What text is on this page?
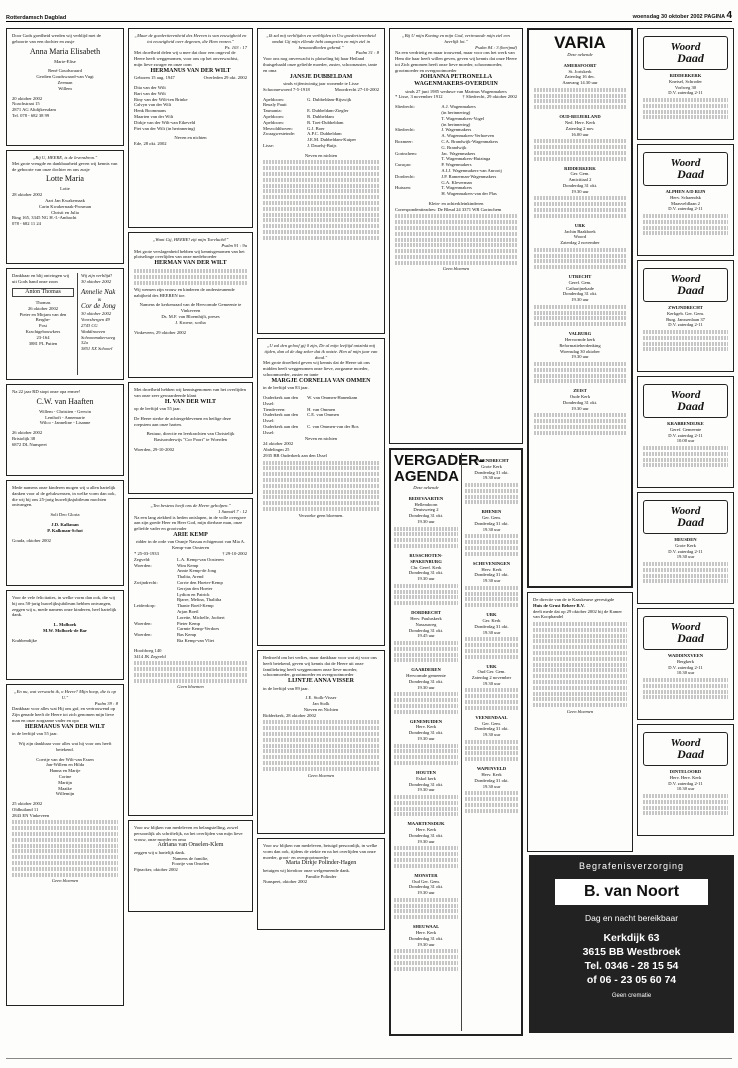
Rotterdamsch Dagblad	woensdag 30 oktober 2002 PAGINA 4
Door Gods goedheid werden wij verblijd met de geboorte van een dochter en zusje
Anna Maria Elisabeth
Marie-Elise
René Goudswaard
Gerdien Goudswaard-van Vugt
Zeeman
Willem
20 oktober 2002
Noachstraat 15
2871 AG Altdijkersdam
Tel. 078 - 682 38 99
„Bij U, HEERE, is de levensbron."
Met grote vreugde en dankbaarheid geven wij kennis van de geboorte van onze dochter en ons zusje
Lotte Maria
Lotte
28 oktober 2002
Aart Jan Kwakernaak
Carin Kwakernaak-Prosman
Christi en Julia
Ring 165, 3345 NG H.-I.-Ambacht
078 - 682 11 24
Dankbaar en blij ontvingen wij uit Gods hand onze zoon
Anton Thomas
Thomas
26 oktober 2002
Pieter en Mirjam van den Berghe-
Post
Krachtgebouwkers
23-164
3881 PL Putten
Wij zijn verblijd!
30 oktober 2002
Annelie Nak
&
Cor de Jong
30 oktober 2002
Voorsbergen 49
2743 CG Waddinxveen
Schoonmakersweg 32a
3851 XX Schoorl
Na 22 jaar RD stopt onze opa ermee!
C.W. van Haaften
Willem - Christien - Gerwin
Lenthoft - Annemarie
Wilco - Janneline - Lisanne
26 oktober 2002
Bristolijk 38
6872 DL Nunspeet
Mede namens onze kinderen mogen wij u allen hartelijk danken voor al de gelukwensen, in welke vorm dan ook, die wij bij ons 25-jarig huwelijksjubileum mochten ontvangen.
Soli Deo Gloria
J.D. Kalkman
P. Kalkman-Schot
Gouda, oktober 2002
Voor de vele felicitaties, in welke vorm dan ook, die wij bij ons 50-jarig huwelijksjubileum hebben ontvangen, zeggen wij u, mede namens onze kinderen, heel hartelijk dank.
L. Molhoek
M.W. Molhoek-de Bar
Krabbendijke
„En nu, wat verwacht ik, o Heere? Mijn hoop, die is op U."
Psalm 39 : 8
Dankbaar voor alles wat Hij ons gaf, en vertrouwend op Zijn genade heeft de Heere tot zich genomen mijn lieve man en onze zorgzame vader en opa
HERMANUS VAN DER WILT
in de leeftijd van 55 jaar.
Wij zijn dankbaar voor alles wat hij voor ons heeft betekend.
Coertje van der Wilt-van Essen
Jan-Willem en Hilda
Hanna en Marije
Corine
Martijn
Maaike
Willemijn
25 oktober 2002
Oldbuiland 11
2843 EN Vinkeveen
Geen bloemen
„Maar de goedertierenheid des Heeren is van eeuwigheid en tot eeuwigheid over degenen, die Hem vrezen."
Ps. 103 : 17
Met droefheid delen wij u mee dat door een ongeval de Heere heeft weggenomen, voor ons op het onverwachtst, mijn lieve zwager en onze oom
HERMANUS VAN DER WILT
Geboren 15 aug. 1947	Overleden 29 okt. 2002
Dita van der Wilt
Bart van der Wilt
Riny van der Wilt-ten Brinke
Calvyn van der Wilt
Henk Boommans
Maarten van der Wilt
Dirkje van der Wilt-van Eikeveld
Piet van der Wilt (in herinnering)
Neven en nichten
Ede, 28 okt. 2002
„Want Gij, HEERE! zijt mijn Toevlucht!"
Psalm 91 : 9a
Met grote verslagenheid hebben wij kennisgenomen van het plotselinge overlijden van onze medebroeder
HERMAN VAN DER WILT
Wij wensen zijn vrouw en kinderen de ondersteunende nabijheid des HEEREN toe.
Namens de kerkenraad van de Hervormde Gemeente te Vinkeveen
Ds. M.F. van Bloemhijlt, preses
J. Kroese, scriba
Vinkeveen, 29 oktober 2002
Met droefheid hebben wij kennisgenomen van het overlijden van onze zeer gewaardeerde klant
H. VAN DER WILT
op de leeftijd van 55 jaar.
De Heere sterke de achtergeblevenen en heilige deze roepstem aan onze harten.
Bestuur, directie en leerkrachten van Christelijk Basisonderwijs "Cor Poort" te Woerden
Woerden, 29-10-2002
„Ten bestens heeft ons de Heere geholpen."
1 Samuël 7 : 12
Na een lang ziekbed is heden ontslapen, in de volle overgave aan zijn goede Heer en Heer God, mijn dierbare man, onze geliefde vader en grootvader
ARIE KEMP
ridder in de orde van Oranje Nassau echtgenoot van Mia A. Kemp-van Oosteren
* 25-03-1933	† 29-10-2002
Zegveld:	L.A. Kemp-van Oosteren
Woerden:	Wim Kemp
Annie Kemp-de Jong
Thalita, Arend
Zwijndrecht:	Corrie den Hoeter-Kemp
Gerrjan den Hoeter
Lydion en Patrick
Bjarre, Melina, Thalitha
Leiderdorp:	Thanie Boeil-Kemp
Arjan Boeil
Lorette, Michelle, Joobert
Woerden:	Pieter Kemp
Carmie Kemp-Verdoes
Woerden:	Bas Kemp
Ria Kemp-van Vliet
Hoofdweg 140
3414 JK Zegveld
Geen bloemen
Voor uw blijken van medeleven en belangstelling, zowel persoonlijk als schriftelijk, na het overlijden van mijn lieve vrouw, onze moeder en oma
Adriana van Onselen-Klem
zeggen wij u hartelijk dank.
Namens de familie,
Foortje van Onselen
Pijnacker, oktober 2002
„Ik zal mij verblijden en verblijden in Uw goedertierenheid omdat Gij mijn ellende hebt aangezien en mijn ziel in benauwdheden gekend."
Psalm 31 : 8
Voor ons nog onverwacht is plotseling bij haar Heiland thuisgehaald onze geliefde moeder, zuster, schoonzuster, tante en oma
JANSJE DUBBELDAM
sinds vijfentwintig jaar wonende te Lisse
Schoonrewoerd 7-5-1918	Moordrecht 27-10-2002
Apeldoorn:	G. Dubbeldam-Rijswijk
Beuzly Pautt
Tasmania:	E. Dubbeldam-Ziegler
Apeldoorn:	R. Dubbeldam
Apeldoorn:	R. Toet-Dubbeldam
Mesvoldthoven:	G.J. Boer
Zwaagwesteinde:	A.P.C. Dubbeldam
J.E.M. Dubbeldam-Kuiper
Lisse:	J. Dauelsj-Buijs
Neven en nichten
„U zal den geloof gij 0 zijn, De al mijn leeftijd ontzinkt mij tijden, dan al de dag zeker dat ik ontzie. Hen al mijn jaar van dood."
Met grote droefheid geven wij kennis dat de Heere uit ons midden heeft weggenomen onze lieve, zorgzame moeder, schoonmoeder, zuster en tante
MARGJE CORNELIA VAN OMMEN
in de leeftijd van 83 jaar.
Ouderkerk aan den IJssel:
W. van Ommen-Hanenkam
Tiendeveen:	H. van Ommen
Ouderkerk aan den IJssel:
C.E. van Ommen
Ouderkerk aan den IJssel:
C. van Ommen-van der Bos
Neven en nichten
24 oktober 2002
Abdelingm 25
2935 BB Ouderkerk aan den IJssel
Verzoeke geen bloemen.
Bedroefd om het verlies, maar dankbaar voor wat zij voor ons heeft betekend, geven wij kennis dat de Heere uit onze familiekring heeft weggenomen onze lieve moeder, schoonmoeder, grootmoeder en overgrootmoeder
LIJNTJE ANNA VISSER
in de leeftijd van 89 jaar.
J.E. Stolk-Visser
Jan Stolk
Nieven en Nichten
Ridderkerk, 28 oktober 2002
Geen bloemen
Voor uw blijken van medeleven, betuigd persoonlijk, in welke vorm dan ook, tijdens de ziekte en na het overlijden van onze moeder, groot- en overgrootmoeder
Marta Dirkje Polinder-Hagen
betuigen wij hierdoor onze welgemeende dank.
Familie Polinder
Nunspeet, oktober 2002
„Bij U mijn Koning en mijn God, vertrouwde mijn ziel een heerlijk lot."
Psalm 84 : 3 (berijmd)
Na een verdrietig en maar trouwend, maar voor ons het werk van Hem die haar heeft willen geven, geven wij kennis dat onze Heere tot Zich genomen heeft onze lieve moeder, schoonmoeder, grootmoeder en overgrootmoeder
JOHANNA PETRONELLA WAGENMAKERS-OVERDUIN
sinds 27 juni 1985 weduwe van Marinus Wagenmakers
* Lisse, 3 november 1912	† Sliedrecht, 29 oktober 2002
Sliedrecht:	A.J. Wagenmakers
(in herinnering)
T. Wagenmakers-Vogel
(in herinnering)
Sliedrecht:	J. Wagenmakers
A. Wagenmakers-Verhoeven
Boxmeer:	C.A. Brandwijk-Wagenmakers
G. Brandwijk
Gorinchem:	Jac. Wagenmakers
T. Wagenmakers-Huizinga
Curaçao:	P. Wagenmakers
A.I.J. Wagenmakers-van Anrooij
Dordrecht:	J.P. Ramerman-Wagenmakers
G.A. Kleverman
Huissen:	T. Wagenmakers
H. Wagenmakers-van der Plas
Klein- en achterkleinkinderen
Correspondentieadres: De Bleud 24 3371 WR Gorinchem
Geen bloemen
VERGADER-
AGENDA
Deze oekende
BEDEVAARTEN
Hellendoorn
Deutsweteg 2
Donderdag 31 okt.
19.30 uur
RUSSCHOTEN-SPAKENBURG
Chr. Geref. Kerk
Donderdag 31 okt.
19.30 uur
DORDRECHT
Herv. Pauluskerk
Nassauweg
Donderdag 31 okt.
19.45 uur
GAARDEREN
Hervormde gemeente
Donderdag 31 okt.
19.30 uur
GENEMUIDEN
Herv. Kerk
Donderdag 31 okt.
19.30 uur
HOUTEN
Eskol kerk
Donderdag 31 okt.
19.30 uur
MAARTENSDIJK
Herv. Kerk
Donderdag 31 okt.
19.30 uur
MONSTER
Oud Ger. Gem.
Donderdag 31 okt.
19.30 uur
SHEUWAAL
Herv. Kerk
Donderdag 31 okt.
19.30 uur
PAPENDRECHT
Grote Kerk
Donderdag 31 okt.
19.30 uur
RHENEN
Ger. Gem.
Donderdag 31 okt.
19.30 uur
SCHEVENINGEN
Herv. Kerk
Donderdag 31 okt.
19.30 uur
URK
Ger. Kerk
Donderdag 31 okt.
19.30 uur
URK
Oud Ger. Gem.
Zaterdag 2 november
19.30 uur
VEENENDAAL
Ger. Gem.
Donderdag 31 okt.
19.30 uur
WAPENVELD
Herv. Kerk
Donderdag 31 okt.
19.30 uur
VARIA
Deze oekende
AMERSFOORT
St. Joriskerk
Zaterdag 16 dec.
Aanvang 14.30 uur
OUD-BEIJERLAND
Ned. Herv. Kerk
Zaterdag 2 nov.
16.00 uur
RIDDERKERK
Ger. Gem.
Amicitiaal 2
Donderdag 31 okt.
19.30 uur
URK
Jachin Baakboek
Woord
Zaterdag 2 november
UTRECHT
Geref. Gem.
Catharijnekade
Donderdag 31 okt.
19.30 uur
VALBURG
Hervormde kerk
Reformatieherdenking
Woensdag 30 oktober
19.30 uur
ZEIST
Oude Kerk
Donderdag 31 okt.
19.30 uur
De directie van de te Kaaskeurse gevestigde
Huis de Grust Beheer B.V.
deelt mede dat op 29 oktober 2002 bij de Kamer van Koophandel
Geen bloemen
Woord
Daad
RIDDERKERK
Kneisel, Schroder
Vorlweg 30
D.V. zaterdag 2-11
Woord
Daad
ALPHEN A/D RIJN
Herv. Schaendsk
Maasveldlaan 2
D.V. zaterdag 2-11
Woord
Daad
ZWIJNDRECHT
Kerkgeb. Ger. Gem.
Burg. Janssenlaan 37
D.V. zaterdag 2-11
Woord
Daad
KRABBENDIJKE
Geref. Gemeente
D.V. zaterdag 2-11
10.00 uur
Woord
Daad
HEUSDEN
Grote Kerk
D.V. zaterdag 2-11
19.30 uur
Woord
Daad
WADDINXVEEN
Bergkerk
D.V. zaterdag 2-11
10.30 uur
Woord
Daad
DINTELOORD
Herv. Herv. Kerk
D.V. zaterdag 2-11
10.30 uur
Begrafenisverzorging
B. van Noort
Dag en nacht bereikbaar
Kerkdijk 63
3615 BB Westbroek
Tel. 0346 - 28 15 54
of 06 - 23 05 60 74
Geen crematie
